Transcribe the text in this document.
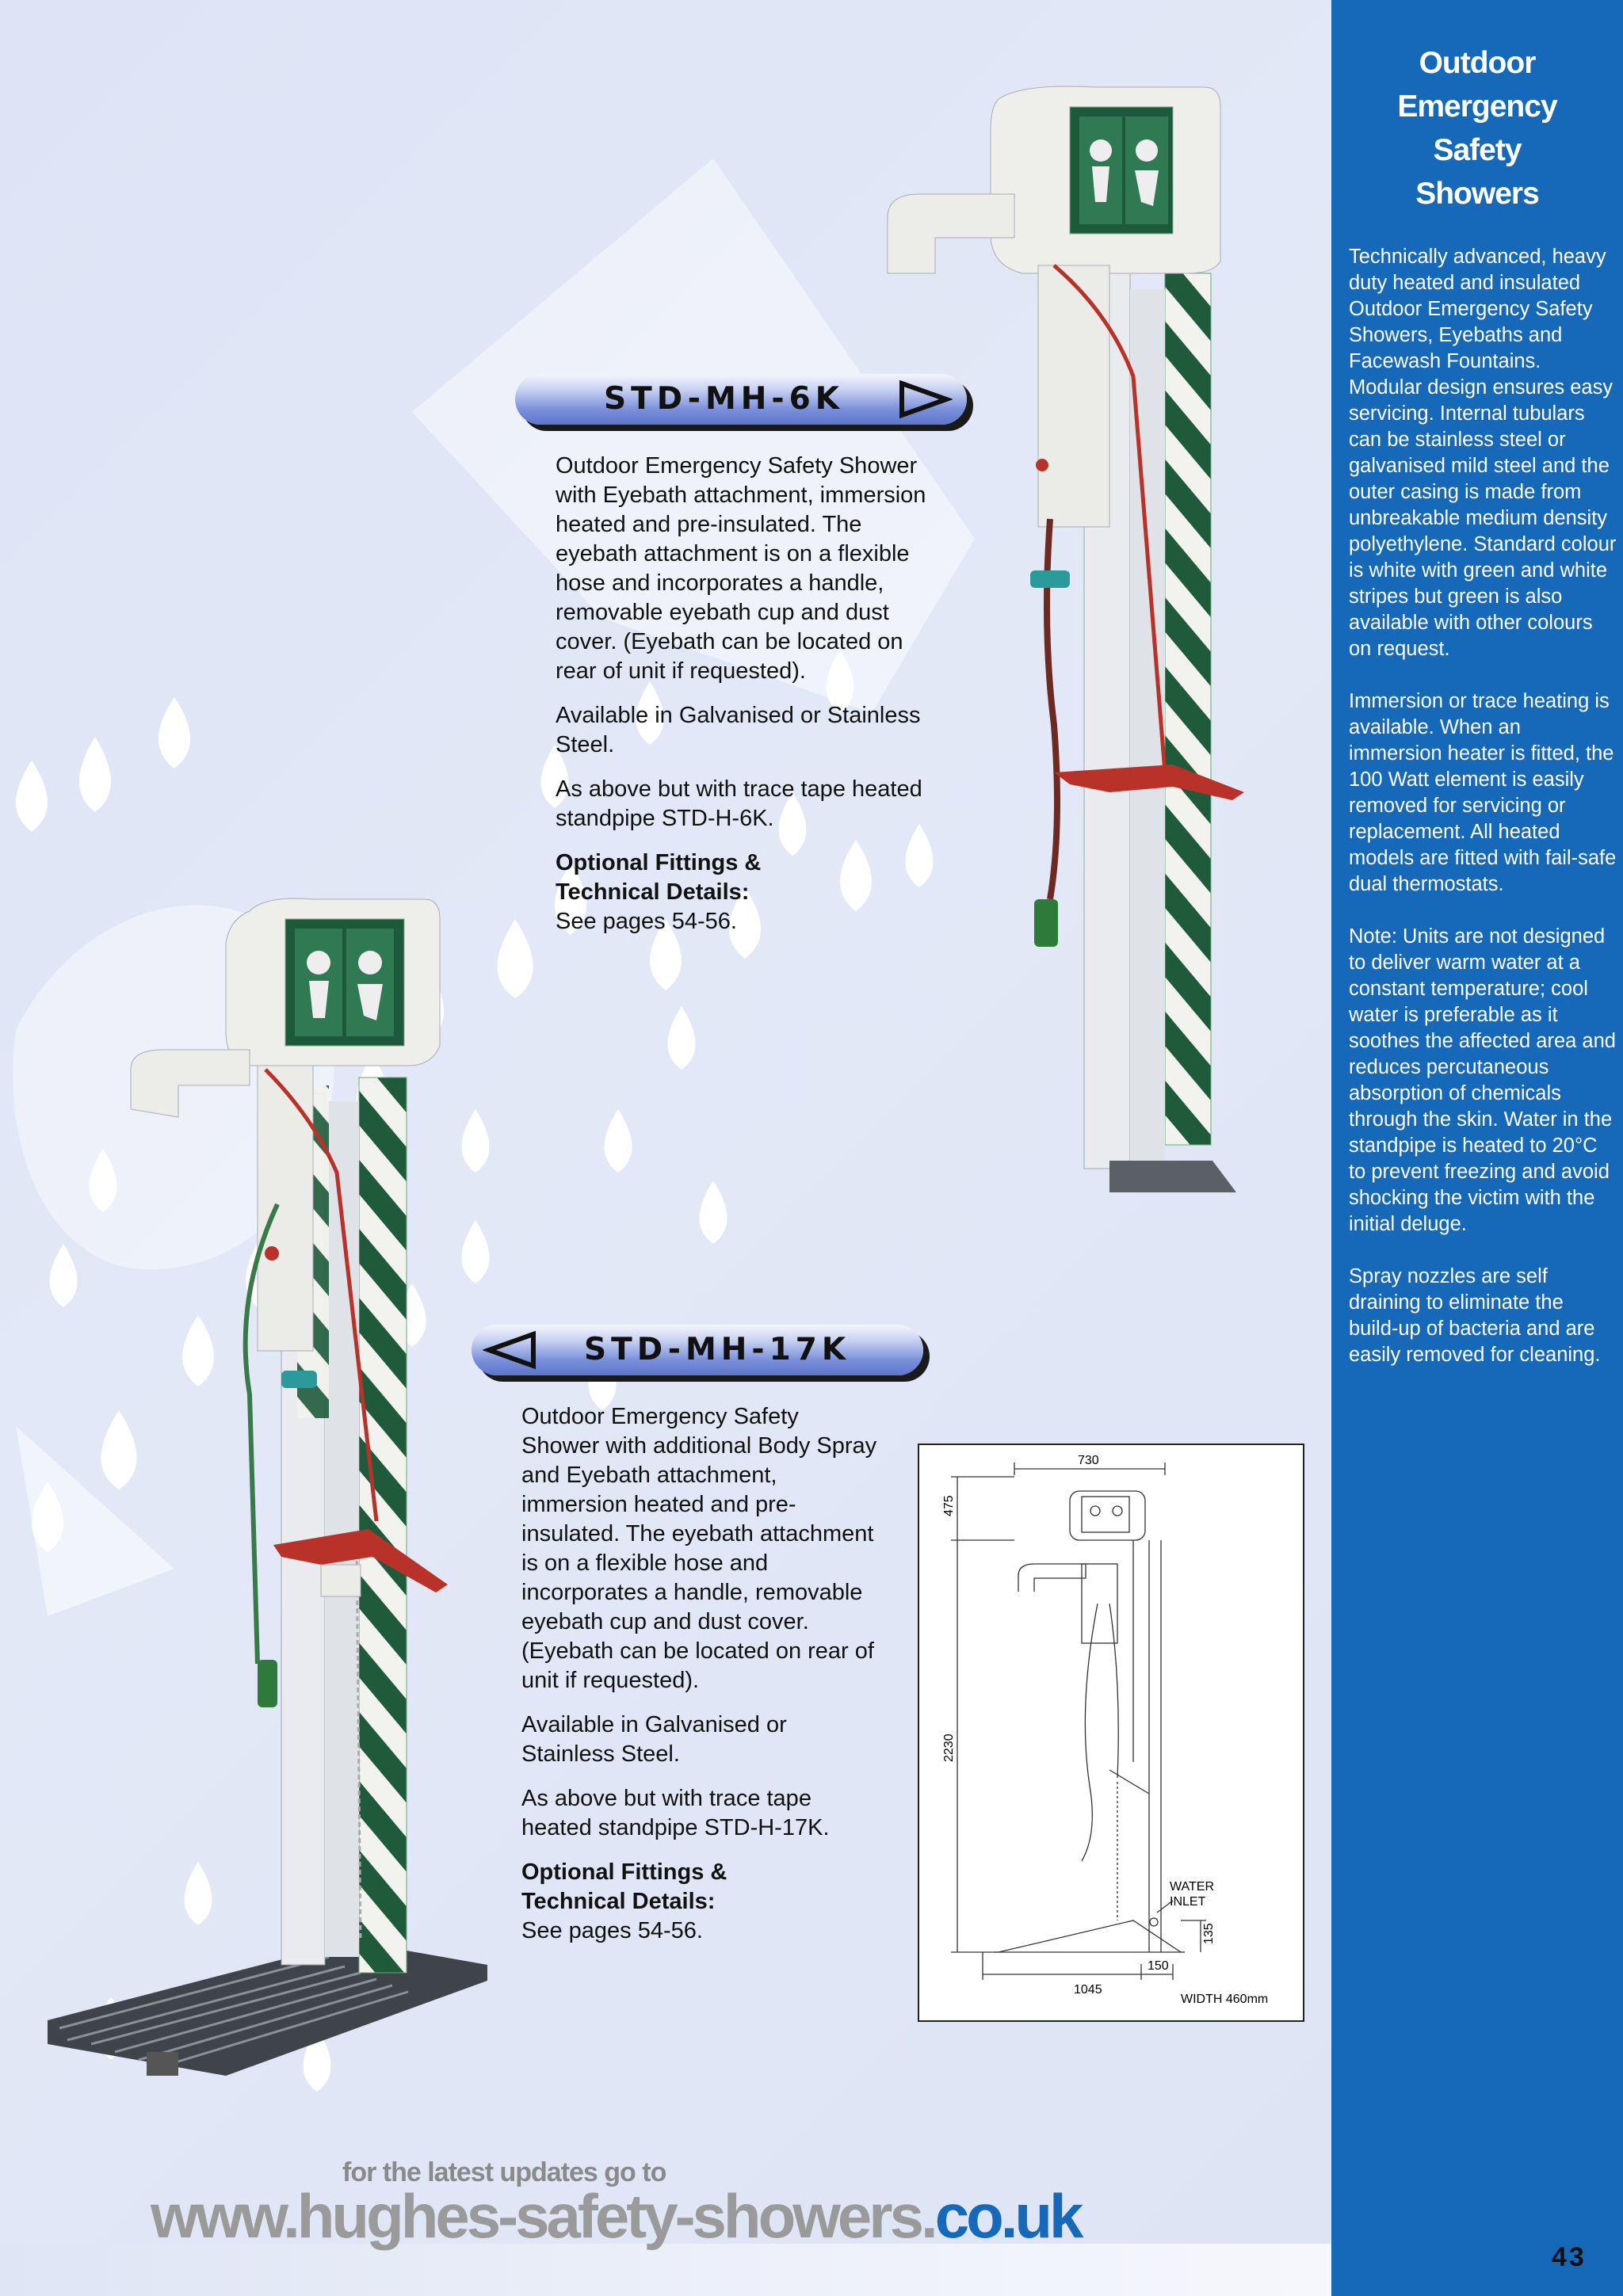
STD-MH-6K

Outdoor Emergency Safety Shower with Eyebath attachment, immersion heated and pre-insulated. The eyebath attachment is on a flexible hose and incorporates a handle, removable eyebath cup and dust cover. (Eyebath can be located on rear of unit if requested).

Available in Galvanised or Stainless Steel.

As above but with trace tape heated standpipe STD-H-6K.

Optional Fittings & Technical Details:
See pages 54-56.
STD-MH-17K

Outdoor Emergency Safety Shower with additional Body Spray and Eyebath attachment, immersion heated and pre-insulated. The eyebath attachment is on a flexible hose and incorporates a handle, removable eyebath cup and dust cover. (Eyebath can be located on rear of unit if requested).

Available in Galvanised or Stainless Steel.

As above but with trace tape heated standpipe STD-H-17K.

Optional Fittings & Technical Details:
See pages 54-56.
730
475
2230
WATER INLET
135
1045
150
WIDTH 460mm
Outdoor
Emergency
Safety
Showers

Technically advanced, heavy duty heated and insulated Outdoor Emergency Safety Showers, Eyebaths and Facewash Fountains. Modular design ensures easy servicing. Internal tubulars can be stainless steel or galvanised mild steel and the outer casing is made from unbreakable medium density polyethylene. Standard colour is white with green and white stripes but green is also available with other colours on request.

Immersion or trace heating is available. When an immersion heater is fitted, the 100 Watt element is easily removed for servicing or replacement. All heated models are fitted with fail-safe dual thermostats.

Note: Units are not designed to deliver warm water at a constant temperature; cool water is preferable as it soothes the affected area and reduces percutaneous absorption of chemicals through the skin. Water in the standpipe is heated to 20°C to prevent freezing and avoid shocking the victim with the initial deluge.

Spray nozzles are self draining to eliminate the build-up of bacteria and are easily removed for cleaning.

for the latest updates go to
www.hughes-safety-showers.co.uk
43
